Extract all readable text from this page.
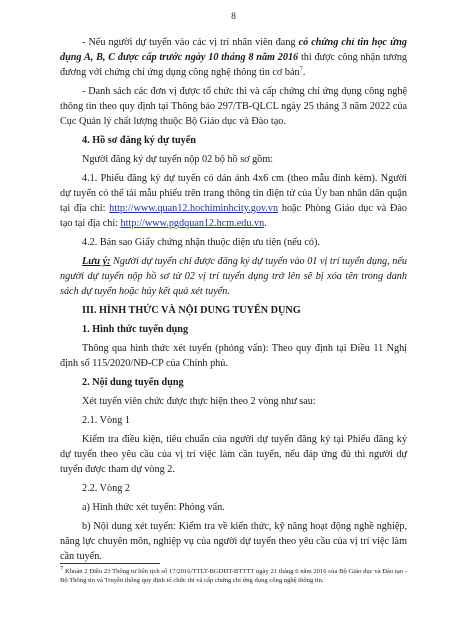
8

- Nếu người dự tuyển vào các vị trí nhân viên đang có chứng chỉ tin học ứng dụng A, B, C được cấp trước ngày 10 tháng 8 năm 2016 thì được công nhận tương đương với chứng chỉ ứng dụng công nghệ thông tin cơ bản$^7$.

- Danh sách các đơn vị được tổ chức thi và cấp chứng chỉ ứng dụng công nghệ thông tin theo quy định tại Thông báo 297/TB-QLCL ngày 25 tháng 3 năm 2022 của Cục Quản lý chất lượng thuộc Bộ Giáo dục và Đào tạo.

4. Hồ sơ đăng ký dự tuyển

Người đăng ký dự tuyển nộp 02 bộ hồ sơ gồm:

4.1. Phiếu đăng ký dự tuyển có dán ảnh 4x6 cm (theo mẫu đính kèm). Người dự tuyển có thể tải mẫu phiếu trên trang thông tin điện tử của Ủy ban nhân dân quận tại địa chỉ: http://www.quan12.hochiminhcity.gov.vn hoặc Phòng Giáo dục và Đào tạo tại địa chỉ: http://www.pgdquan12.hcm.edu.vn.

4.2. Bản sao Giấy chứng nhận thuộc diện ưu tiên (nếu có).

Lưu ý: Người dự tuyển chỉ được đăng ký dự tuyển vào 01 vị trí tuyển dụng, nếu người dự tuyển nộp hồ sơ từ 02 vị trí tuyển dụng trở lên sẽ bị xóa tên trong danh sách dự tuyển hoặc hủy kết quả xét tuyển.

III. HÌNH THỨC VÀ NỘI DUNG TUYỂN DỤNG

1. Hình thức tuyển dụng

Thông qua hình thức xét tuyển (phỏng vấn): Theo quy định tại Điều 11 Nghị định số 115/2020/NĐ-CP của Chính phủ.

2. Nội dung tuyển dụng

Xét tuyển viên chức được thực hiện theo 2 vòng như sau:

2.1. Vòng 1

Kiểm tra điều kiện, tiêu chuẩn của người dự tuyển đăng ký tại Phiếu đăng ký dự tuyển theo yêu cầu của vị trí việc làm cần tuyển, nếu đáp ứng đủ thì người dự tuyển được tham dự vòng 2.

2.2. Vòng 2

a) Hình thức xét tuyển: Phỏng vấn.

b) Nội dung xét tuyển: Kiểm tra về kiến thức, kỹ năng hoạt động nghề nghiệp, năng lực chuyên môn, nghiệp vụ của người dự tuyển theo yêu cầu của vị trí việc làm cần tuyển.

$^7$ Khoản 2 Điều 23 Thông tư liên tịch số 17/2016/TTLT-BGDĐT-BTTTT ngày 21 tháng 6 năm 2016 của Bộ Giáo dục và Đào tạo - Bộ Thông tin và Truyền thông quy định tổ chức thi và cấp chứng chỉ ứng dụng công nghệ thông tin.
